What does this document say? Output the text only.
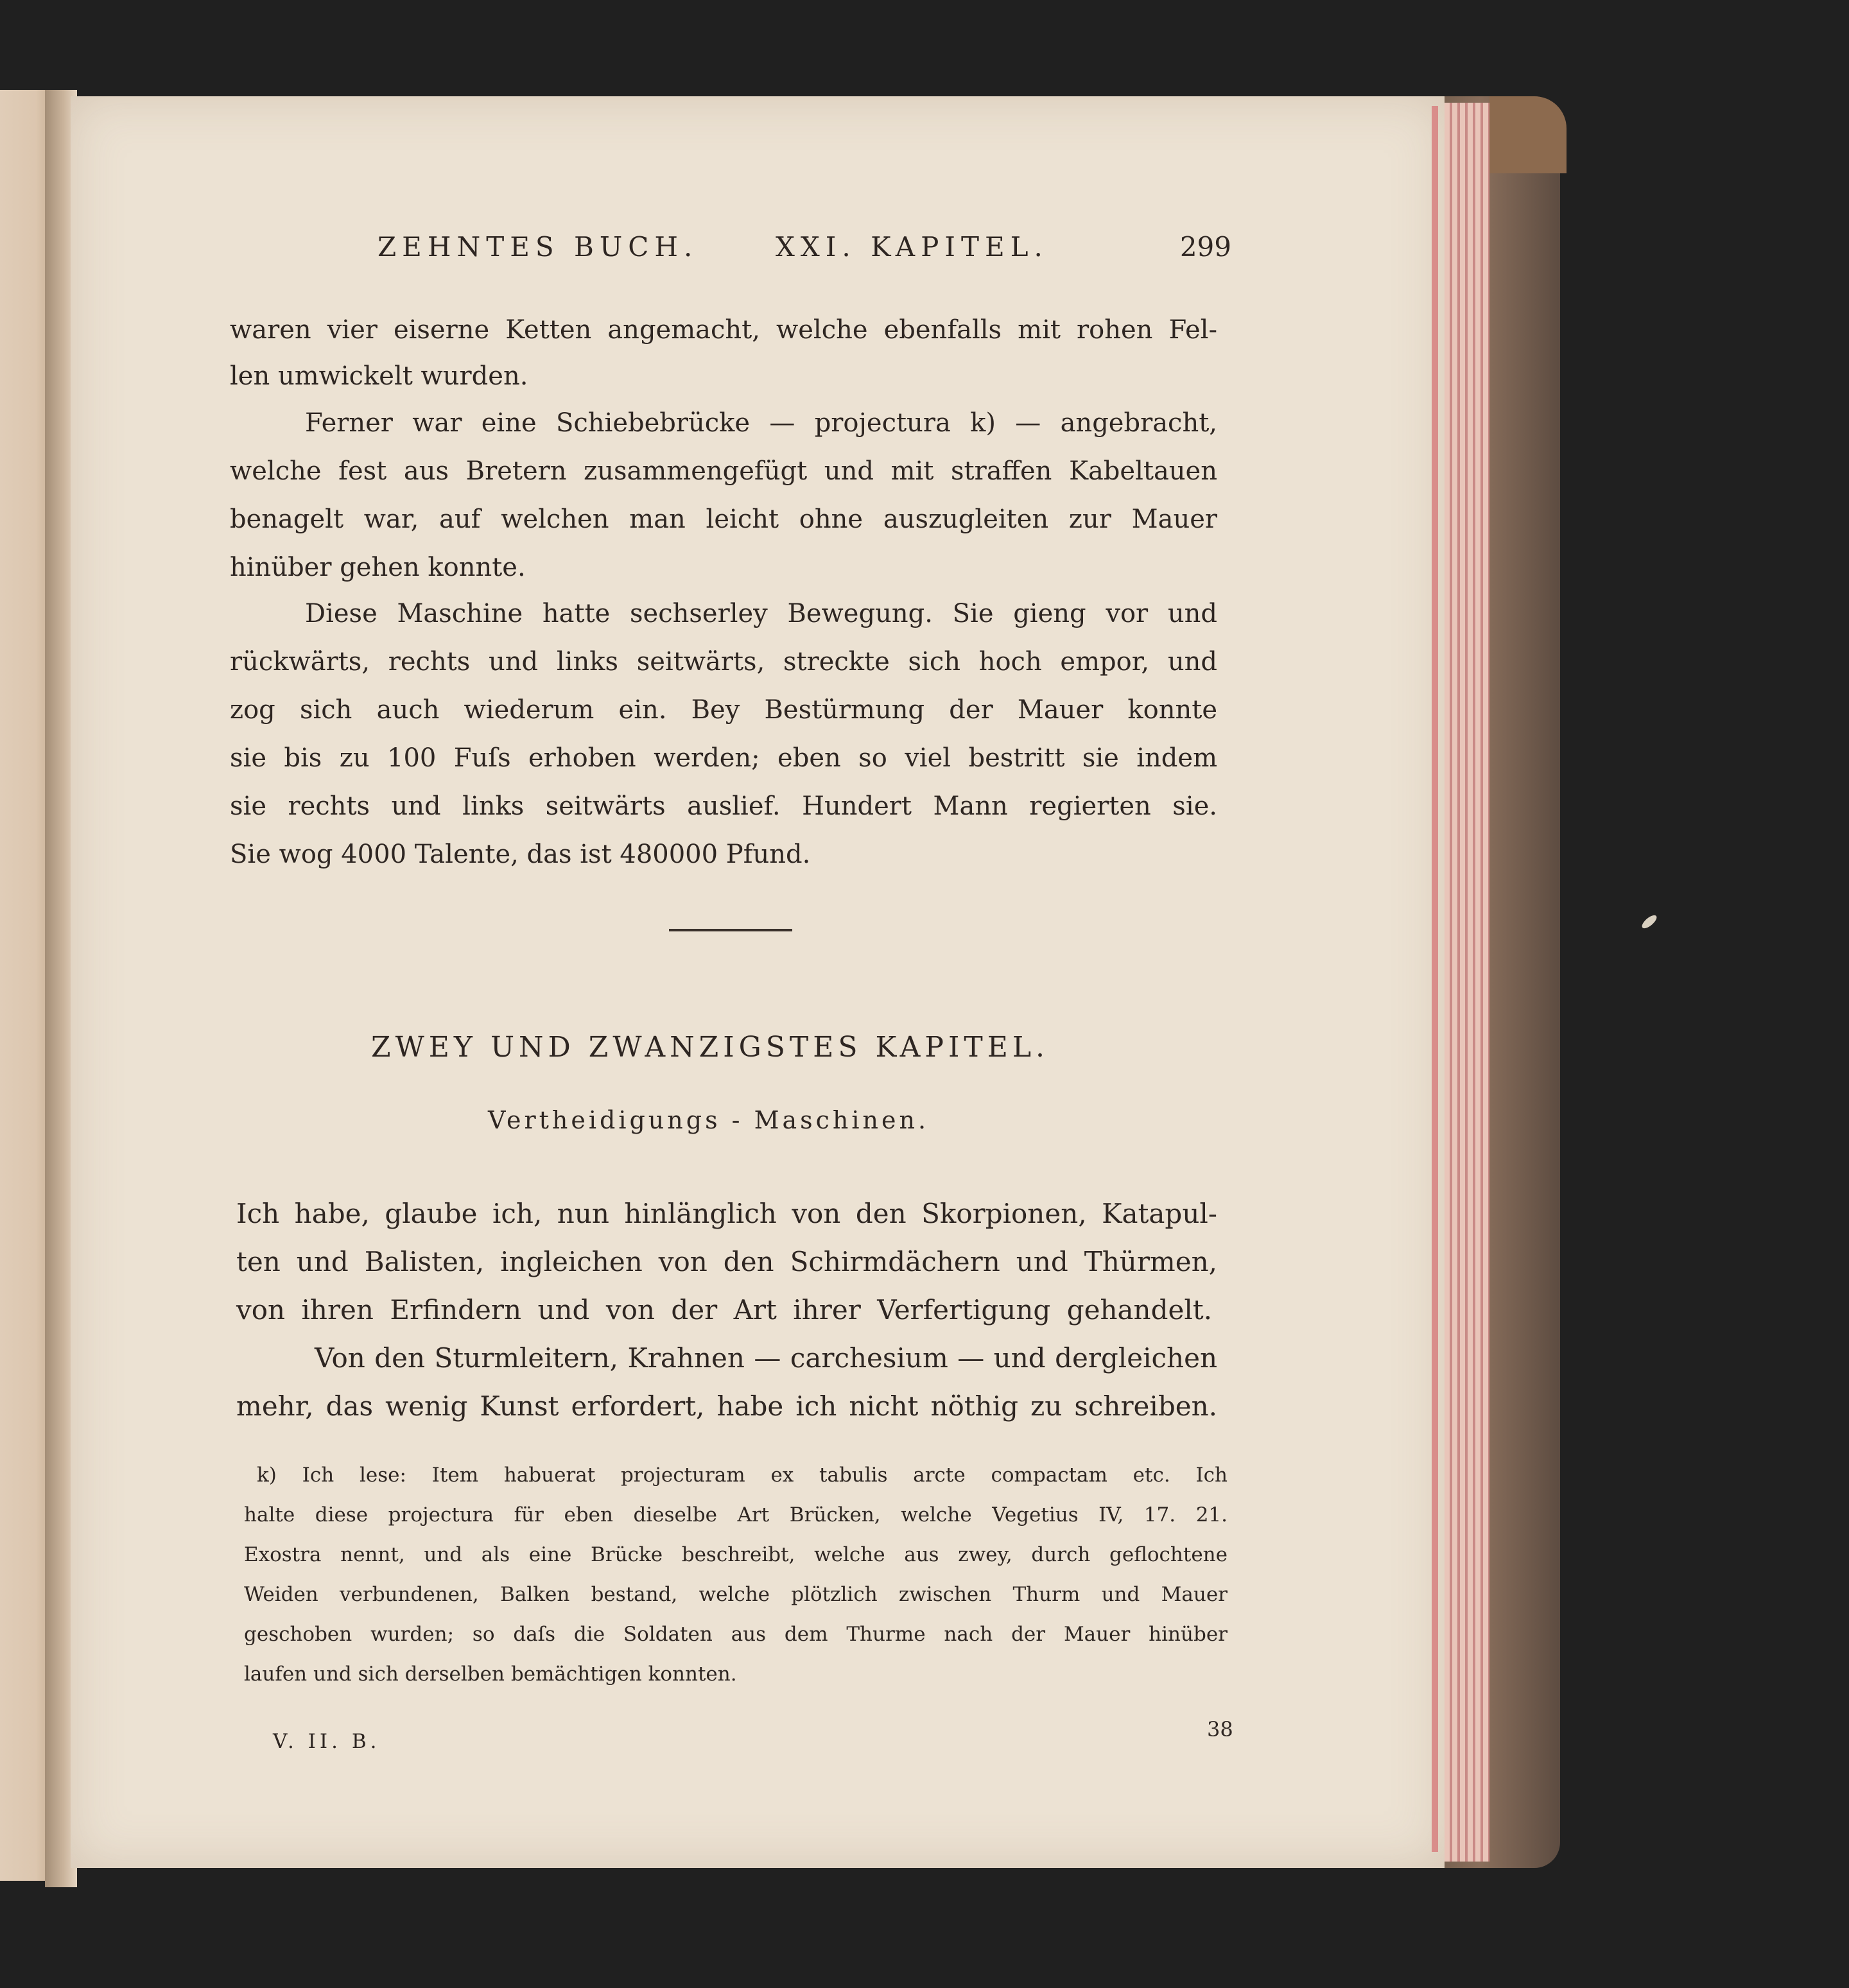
ZEHNTES BUCH.	XXI. KAPITEL.	299
waren vier eiserne Ketten angemacht, welche ebenfalls mit rohen Fel-
len umwickelt wurden.
Ferner war eine Schiebebrücke — projectura k) — angebracht,
welche fest aus Bretern zusammengefügt und mit straffen Kabeltauen
benagelt war, auf welchen man leicht ohne auszugleiten zur Mauer
hinüber gehen konnte.
Diese Maschine hatte sechserley Bewegung. Sie gieng vor und
rückwärts, rechts und links seitwärts, streckte sich hoch empor, und
zog sich auch wiederum ein. Bey Bestürmung der Mauer konnte
sie bis zu 100 Fuſs erhoben werden; eben so viel bestritt sie indem
sie rechts und links seitwärts auslief. Hundert Mann regierten sie.
Sie wog 4000 Talente, das ist 480000 Pfund.
ZWEY UND ZWANZIGSTES KAPITEL.
Vertheidigungs - Maschinen.
Ich habe, glaube ich, nun hinlänglich von den Skorpionen, Katapul-
ten und Balisten, ingleichen von den Schirmdächern und Thürmen,
von ihren Erfindern und von der Art ihrer Verfertigung gehandelt.
Von den Sturmleitern, Krahnen — carchesium — und dergleichen
mehr, das wenig Kunst erfordert, habe ich nicht nöthig zu schreiben.
k) Ich lese: Item habuerat projecturam ex tabulis arcte compactam etc. Ich
halte diese projectura für eben dieselbe Art Brücken, welche Vegetius IV, 17. 21.
Exostra nennt, und als eine Brücke beschreibt, welche aus zwey, durch geflochtene
Weiden verbundenen, Balken bestand, welche plötzlich zwischen Thurm und Mauer
geschoben wurden; so daſs die Soldaten aus dem Thurme nach der Mauer hinüber
laufen und sich derselben bemächtigen konnten.
V. II. B.	38
